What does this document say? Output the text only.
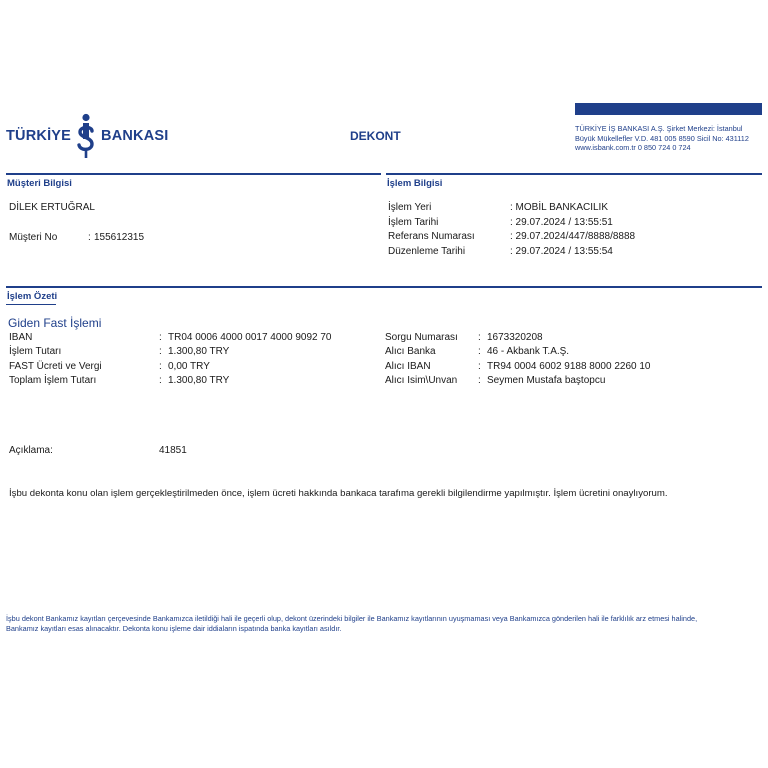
TÜRKİYE BANKASI	DEKONT
TÜRKİYE İŞ BANKASI A.Ş. Şirket Merkezi: İstanbul
Büyük Mükellefler V.D. 481 005 8590 Sicil No: 431112
www.isbank.com.tr 0 850 724 0 724
Müşteri Bilgisi
DİLEK ERTUĞRAL
Müşteri No	: 155612315
İşlem Bilgisi
İşlem Yeri	: MOBİL BANKACILIK
İşlem Tarihi	: 29.07.2024 / 13:55:51
Referans Numarası	: 29.07.2024/447/8888/8888
Düzenleme Tarihi	: 29.07.2024 / 13:55:54
İşlem Özeti
Giden Fast İşlemi
IBAN	: TR04 0006 4000 0017 4000 9092 70
İşlem Tutarı	: 1.300,80 TRY
FAST Ücreti ve Vergi	: 0,00 TRY
Toplam İşlem Tutarı	: 1.300,80 TRY
Sorgu Numarası : 1673320208
Alıcı Banka	: 46 - Akbank T.A.Ş.
Alıcı IBAN	: TR94 0004 6002 9188 8000 2260 10
Alıcı Isim\Unvan : Seymen Mustafa baştopcu
Açıklama:	41851
İşbu dekonta konu olan işlem gerçekleştirilmeden önce, işlem ücreti hakkında bankaca tarafıma gerekli bilgilendirme yapılmıştır. İşlem ücretini onaylıyorum.
İşbu dekont Bankamız kayıtları çerçevesinde Bankamızca iletildiği hali ile geçerli olup, dekont üzerindeki bilgiler ile Bankamız kayıtlarının uyuşmaması veya Bankamızca gönderilen hali ile farklılık arz etmesi halinde,
Bankamız kayıtları esas alınacaktır. Dekonta konu işleme dair iddiaların ispatında banka kayıtları asıldır.
